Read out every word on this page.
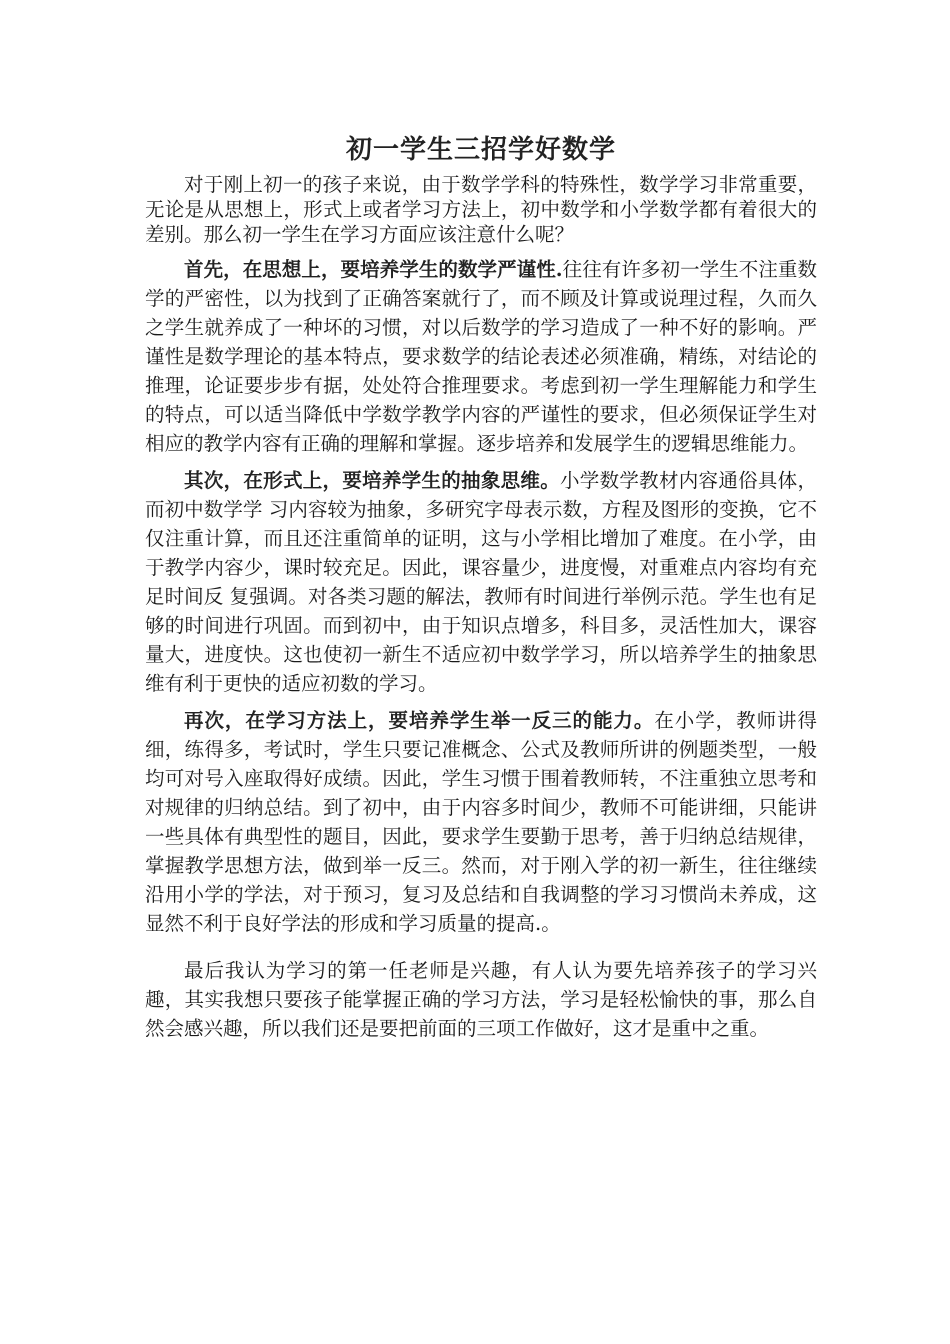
初一学生三招学好数学

对于刚上初一的孩子来说，由于数学学科的特殊性，数学学习非常重要，无论是从思想上，形式上或者学习方法上，初中数学和小学数学都有着很大的差别。那么初一学生在学习方面应该注意什么呢？

首先，在思想上，要培养学生的数学严谨性.往往有许多初一学生不注重数学的严密性，以为找到了正确答案就行了，而不顾及计算或说理过程，久而久之学生就养成了一种坏的习惯，对以后数学的学习造成了一种不好的影响。严谨性是数学理论的基本特点，要求数学的结论表述必须准确，精练，对结论的推理，论证要步步有据，处处符合推理要求。考虑到初一学生理解能力和学生的特点，可以适当降低中学数学教学内容的严谨性的要求，但必须保证学生对相应的教学内容有正确的理解和掌握。逐步培养和发展学生的逻辑思维能力。

其次，在形式上，要培养学生的抽象思维。小学数学教材内容通俗具体，而初中数学学 习内容较为抽象，多研究字母表示数，方程及图形的变换，它不仅注重计算，而且还注重简单的证明，这与小学相比增加了难度。在小学，由于教学内容少，课时较充足。因此，课容量少，进度慢，对重难点内容均有充足时间反 复强调。对各类习题的解法，教师有时间进行举例示范。学生也有足够的时间进行巩固。而到初中，由于知识点增多，科目多，灵活性加大，课容量大，进度快。这也使初一新生不适应初中数学学习，所以培养学生的抽象思维有利于更快的适应初数的学习。

再次，在学习方法上，要培养学生举一反三的能力。在小学，教师讲得细，练得多，考试时，学生只要记准概念、公式及教师所讲的例题类型，一般均可对号入座取得好成绩。因此，学生习惯于围着教师转，不注重独立思考和对规律的归纳总结。到了初中，由于内容多时间少，教师不可能讲细，只能讲一些具体有典型性的题目，因此，要求学生要勤于思考，善于归纳总结规律，掌握教学思想方法，做到举一反三。然而，对于刚入学的初一新生，往往继续沿用小学的学法，对于预习，复习及总结和自我调整的学习习惯尚未养成，这显然不利于良好学法的形成和学习质量的提高.。

最后我认为学习的第一任老师是兴趣，有人认为要先培养孩子的学习兴趣，其实我想只要孩子能掌握正确的学习方法，学习是轻松愉快的事，那么自然会感兴趣，所以我们还是要把前面的三项工作做好，这才是重中之重。
